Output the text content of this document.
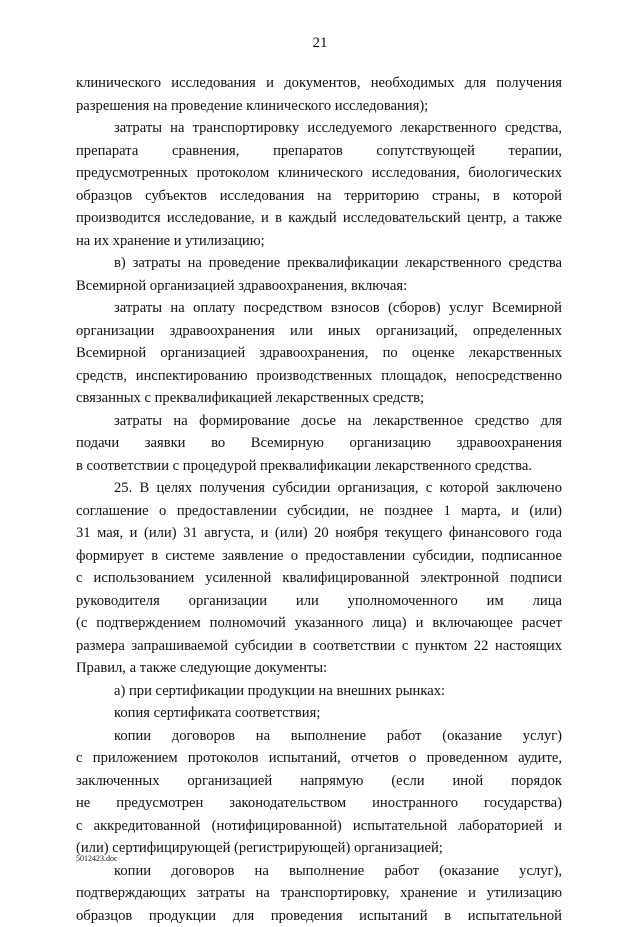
21
клинического исследования и документов, необходимых для получения
разрешения на проведение клинического исследования);
затраты на транспортировку исследуемого лекарственного средства,
препарата сравнения, препаратов сопутствующей терапии,
предусмотренных протоколом клинического исследования, биологических
образцов субъектов исследования на территорию страны, в которой
производится исследование, и в каждый исследовательский центр, а также
на их хранение и утилизацию;
в) затраты на проведение преквалификации лекарственного средства
Всемирной организацией здравоохранения, включая:
затраты на оплату посредством взносов (сборов) услуг Всемирной
организации здравоохранения или иных организаций, определенных
Всемирной организацией здравоохранения, по оценке лекарственных
средств, инспектированию производственных площадок, непосредственно
связанных с преквалификацией лекарственных средств;
затраты на формирование досье на лекарственное средство для
подачи заявки во Всемирную организацию здравоохранения
в соответствии с процедурой преквалификации лекарственного средства.
25. В целях получения субсидии организация, с которой заключено
соглашение о предоставлении субсидии, не позднее 1 марта, и (или)
31 мая, и (или) 31 августа, и (или) 20 ноября текущего финансового года
формирует в системе заявление о предоставлении субсидии, подписанное
с использованием усиленной квалифицированной электронной подписи
руководителя организации или уполномоченного им лица
(с подтверждением полномочий указанного лица) и включающее расчет
размера запрашиваемой субсидии в соответствии с пунктом 22 настоящих
Правил, а также следующие документы:
а) при сертификации продукции на внешних рынках:
копия сертификата соответствия;
копии договоров на выполнение работ (оказание услуг)
с приложением протоколов испытаний, отчетов о проведенном аудите,
заключенных организацией напрямую (если иной порядок
не предусмотрен законодательством иностранного государства)
с аккредитованной (нотифицированной) испытательной лабораторией и
(или) сертифицирующей (регистрирующей) организацией;
копии договоров на выполнение работ (оказание услуг),
подтверждающих затраты на транспортировку, хранение и утилизацию
образцов продукции для проведения испытаний в испытательной
5012423.doc
